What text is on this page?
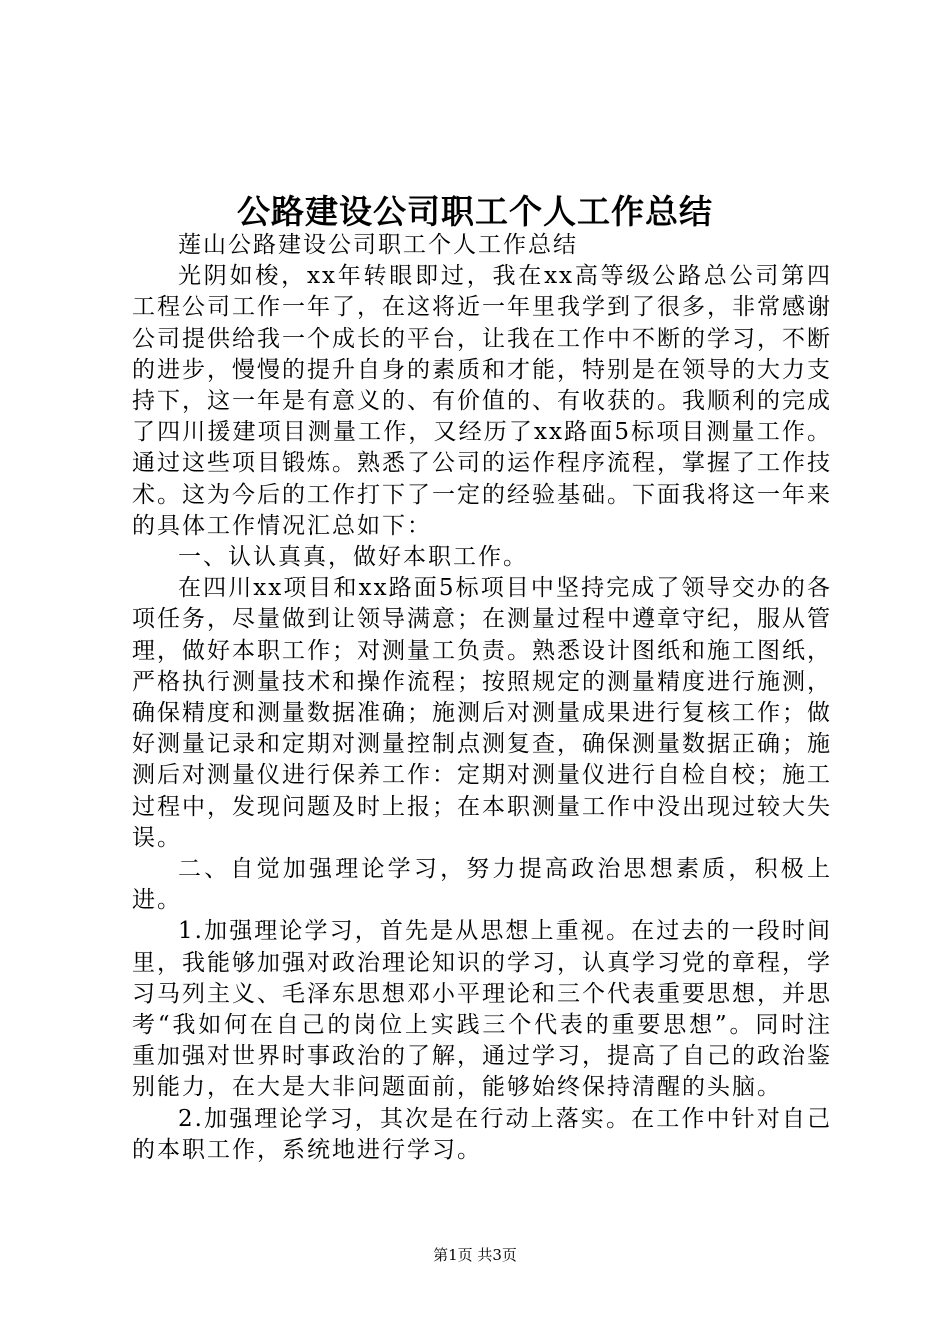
公路建设公司职工个人工作总结

莲山公路建设公司职工个人工作总结

光阴如梭，xx年转眼即过，我在xx高等级公路总公司第四工程公司工作一年了，在这将近一年里我学到了很多，非常感谢公司提供给我一个成长的平台，让我在工作中不断的学习，不断的进步，慢慢的提升自身的素质和才能，特别是在领导的大力支持下，这一年是有意义的、有价值的、有收获的。我顺利的完成了四川援建项目测量工作，又经历了xx路面5标项目测量工作。通过这些项目锻炼。熟悉了公司的运作程序流程，掌握了工作技术。这为今后的工作打下了一定的经验基础。下面我将这一年来的具体工作情况汇总如下：

一、认认真真，做好本职工作。

在四川xx项目和xx路面5标项目中坚持完成了领导交办的各项任务，尽量做到让领导满意；在测量过程中遵章守纪，服从管理，做好本职工作；对测量工负责。熟悉设计图纸和施工图纸，严格执行测量技术和操作流程；按照规定的测量精度进行施测，确保精度和测量数据准确；施测后对测量成果进行复核工作；做好测量记录和定期对测量控制点测复查，确保测量数据正确；施测后对测量仪进行保养工作：定期对测量仪进行自检自校；施工过程中，发现问题及时上报；在本职测量工作中没出现过较大失误。

二、自觉加强理论学习，努力提高政治思想素质，积极上进。

1.加强理论学习，首先是从思想上重视。在过去的一段时间里，我能够加强对政治理论知识的学习，认真学习党的章程，学习马列主义、毛泽东思想邓小平理论和三个代表重要思想，并思考“我如何在自己的岗位上实践三个代表的重要思想”。同时注重加强对世界时事政治的了解，通过学习，提高了自己的政治鉴别能力，在大是大非问题面前，能够始终保持清醒的头脑。

2.加强理论学习，其次是在行动上落实。在工作中针对自己的本职工作，系统地进行学习。

第1页 共3页
